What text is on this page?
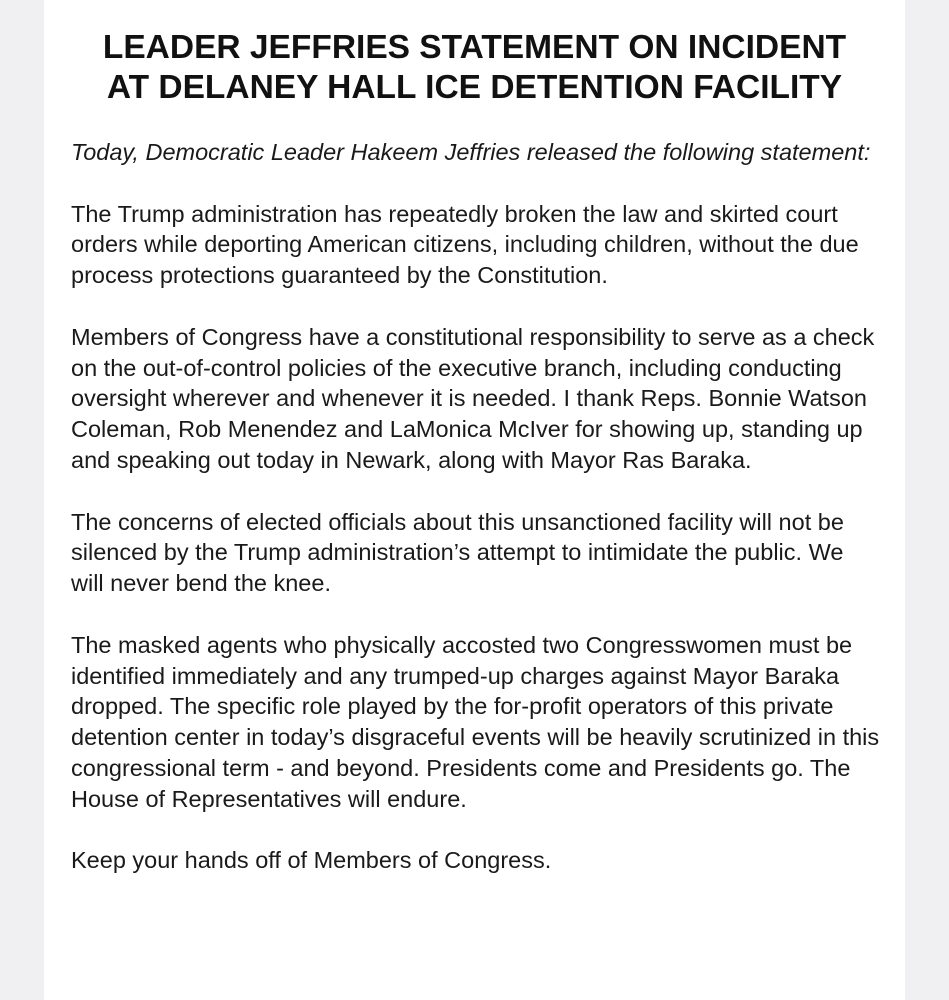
LEADER JEFFRIES STATEMENT ON INCIDENT
AT DELANEY HALL ICE DETENTION FACILITY

Today, Democratic Leader Hakeem Jeffries released the following statement:

The Trump administration has repeatedly broken the law and skirted court orders while deporting American citizens, including children, without the due process protections guaranteed by the Constitution.

Members of Congress have a constitutional responsibility to serve as a check on the out-of-control policies of the executive branch, including conducting oversight wherever and whenever it is needed. I thank Reps. Bonnie Watson Coleman, Rob Menendez and LaMonica McIver for showing up, standing up and speaking out today in Newark, along with Mayor Ras Baraka.

The concerns of elected officials about this unsanctioned facility will not be silenced by the Trump administration’s attempt to intimidate the public. We will never bend the knee.

The masked agents who physically accosted two Congresswomen must be identified immediately and any trumped-up charges against Mayor Baraka dropped. The specific role played by the for-profit operators of this private detention center in today’s disgraceful events will be heavily scrutinized in this congressional term - and beyond. Presidents come and Presidents go. The House of Representatives will endure.

Keep your hands off of Members of Congress.
